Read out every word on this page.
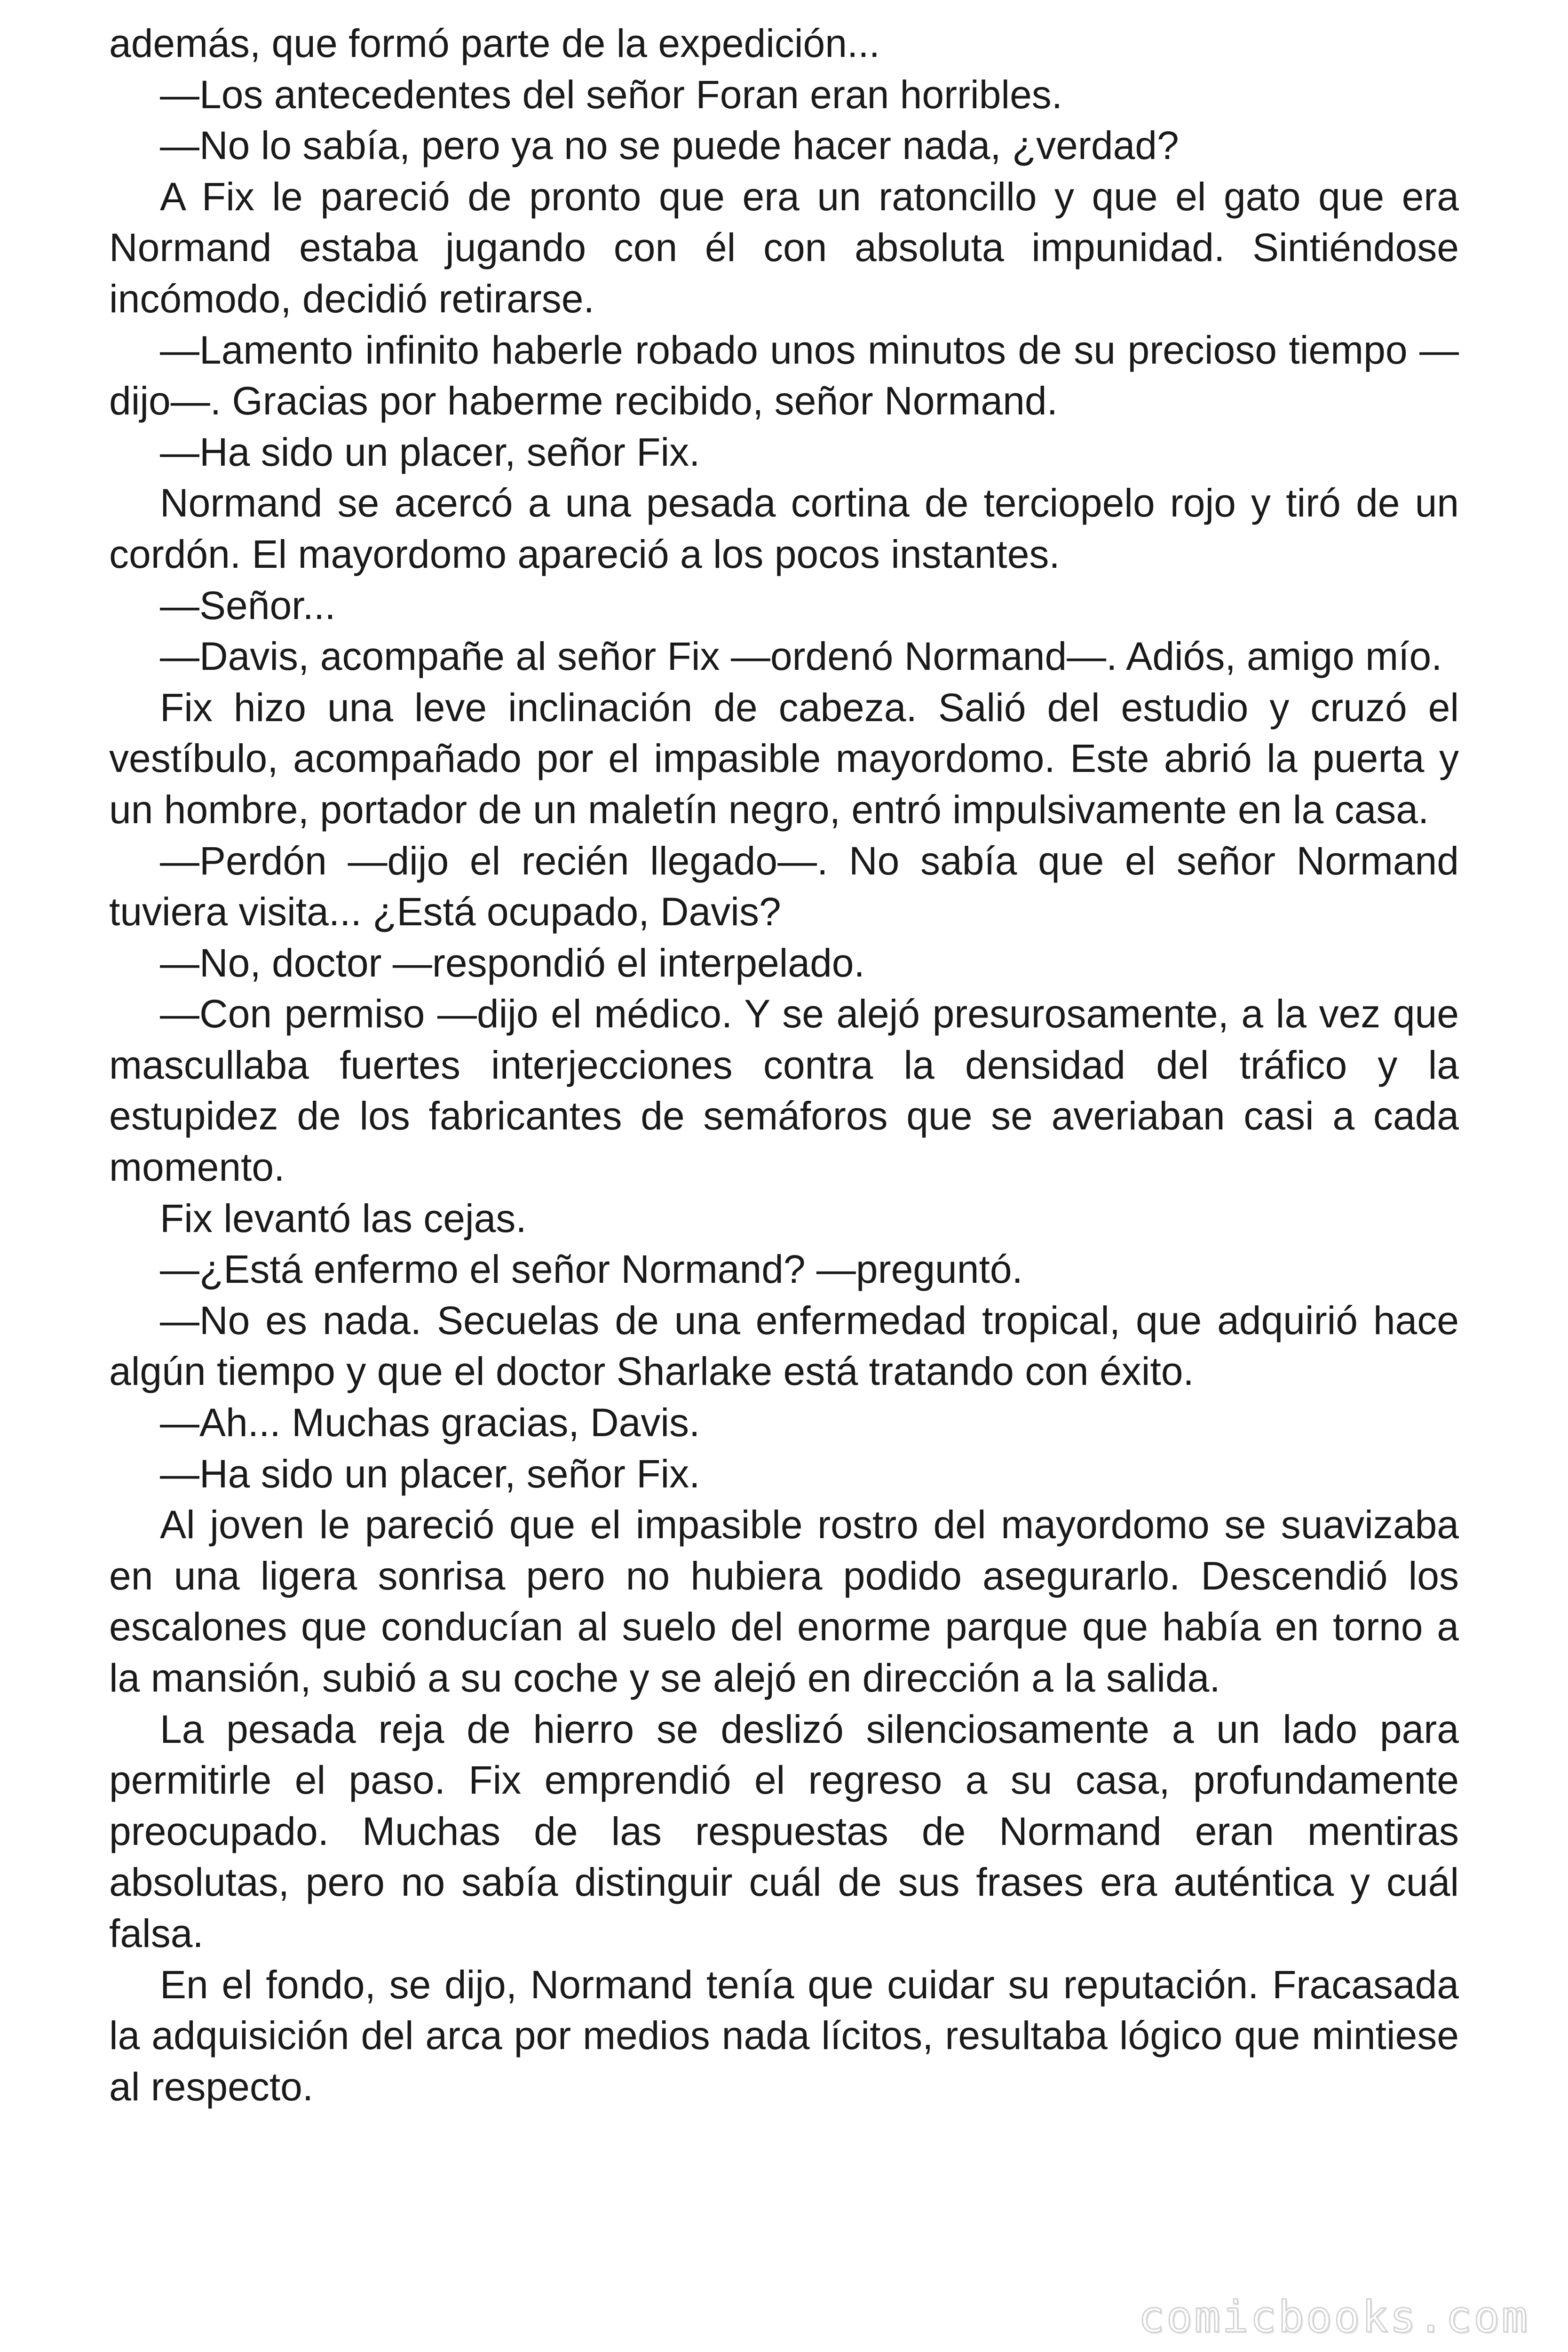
además, que formó parte de la expedición...

—Los antecedentes del señor Foran eran horribles.

—No lo sabía, pero ya no se puede hacer nada, ¿verdad?

A Fix le pareció de pronto que era un ratoncillo y que el gato que era Normand estaba jugando con él con absoluta impunidad. Sintiéndose incómodo, decidió retirarse.

—Lamento infinito haberle robado unos minutos de su precioso tiempo —dijo—. Gracias por haberme recibido, señor Normand.

—Ha sido un placer, señor Fix.

Normand se acercó a una pesada cortina de terciopelo rojo y tiró de un cordón. El mayordomo apareció a los pocos instantes.

—Señor...

—Davis, acompañe al señor Fix —ordenó Normand—. Adiós, amigo mío.

Fix hizo una leve inclinación de cabeza. Salió del estudio y cruzó el vestíbulo, acompañado por el impasible mayordomo. Este abrió la puerta y un hombre, portador de un maletín negro, entró impulsivamente en la casa.

—Perdón —dijo el recién llegado—. No sabía que el señor Normand tuviera visita... ¿Está ocupado, Davis?

—No, doctor —respondió el interpelado.

—Con permiso —dijo el médico. Y se alejó presurosamente, a la vez que mascullaba fuertes interjecciones contra la densidad del tráfico y la estupidez de los fabricantes de semáforos que se averiaban casi a cada momento.

Fix levantó las cejas.

—¿Está enfermo el señor Normand? —preguntó.

—No es nada. Secuelas de una enfermedad tropical, que adquirió hace algún tiempo y que el doctor Sharlake está tratando con éxito.

—Ah... Muchas gracias, Davis.

—Ha sido un placer, señor Fix.

Al joven le pareció que el impasible rostro del mayordomo se suavizaba en una ligera sonrisa pero no hubiera podido asegurarlo. Descendió los escalones que conducían al suelo del enorme parque que había en torno a la mansión, subió a su coche y se alejó en dirección a la salida.

La pesada reja de hierro se deslizó silenciosamente a un lado para permitirle el paso. Fix emprendió el regreso a su casa, profundamente preocupado. Muchas de las respuestas de Normand eran mentiras absolutas, pero no sabía distinguir cuál de sus frases era auténtica y cuál falsa.

En el fondo, se dijo, Normand tenía que cuidar su reputación. Fracasada la adquisición del arca por medios nada lícitos, resultaba lógico que mintiese al respecto.

comicbooks.com
